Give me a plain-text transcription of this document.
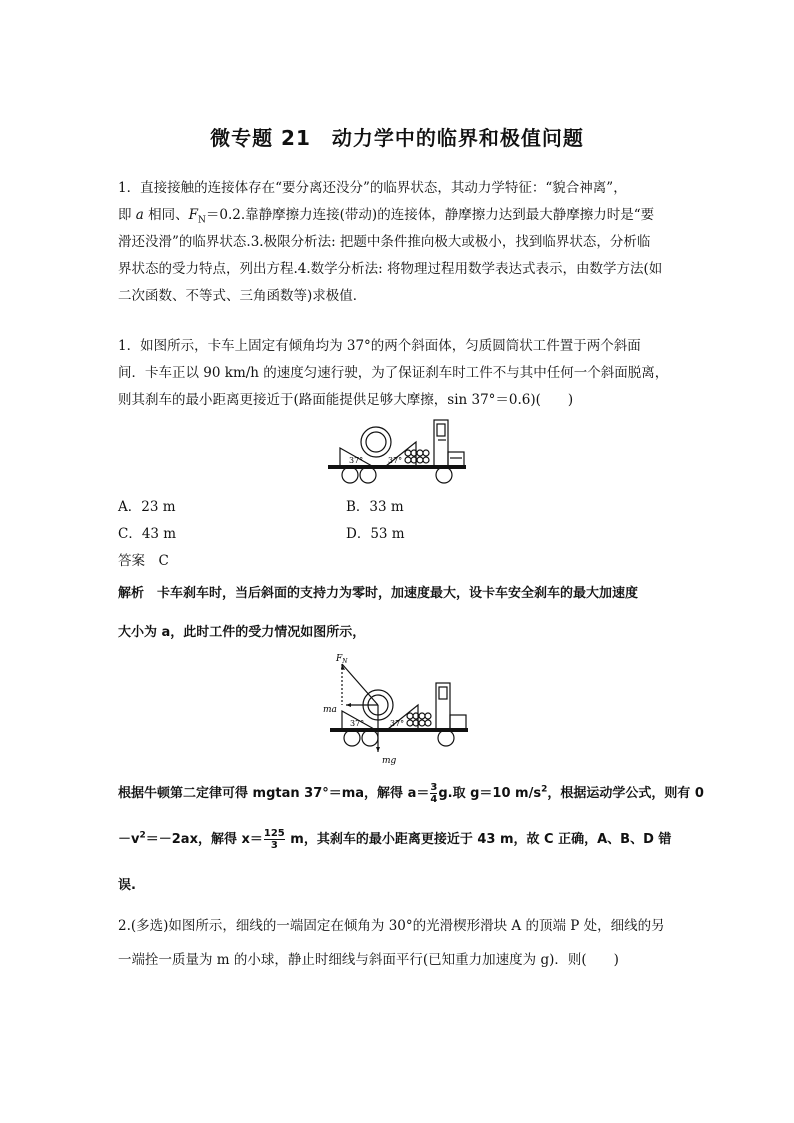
微专题 21　动力学中的临界和极值问题
1．直接接触的连接体存在“要分离还没分”的临界状态，其动力学特征：“貌合神离”，
即 a 相同、$F_N=0.2$.靠静摩擦力连接(带动)的连接体，静摩擦力达到最大静摩擦力时是“要
滑还没滑”的临界状态.3.极限分析法: 把题中条件推向极大或极小，找到临界状态，分析临
界状态的受力特点，列出方程.4.数学分析法: 将物理过程用数学表达式表示，由数学方法(如
二次函数、不等式、三角函数等)求极值．
1．如图所示，卡车上固定有倾角均为 37°的两个斜面体，匀质圆筒状工件置于两个斜面
间．卡车正以 90 km/h 的速度匀速行驶，为了保证刹车时工件不与其中任何一个斜面脱离，
则其刹车的最小距离更接近于(路面能提供足够大摩擦，sin 37°＝0.6)(　　)
37°	37°
A．23 m	B．33 m
C．43 m	D．53 m
答案　C
解析　卡车刹车时，当后斜面的支持力为零时，加速度最大，设卡车安全刹车的最大加速度
大小为 a，此时工件的受力情况如图所示，
$F_N$
ma
mg
37°	37°
根据牛顿第二定律可得 mgtan 37°＝ma，解得 $a= \frac{3}{4} g$.取 g＝10 $m/s^2$，根据运动学公式，则有 0
$-v^2=-2ax$，解得 $x= \frac{125}{3}$ m，其刹车的最小距离更接近于 43 m，故 C 正确，A、B、D 错
误.
2.(多选)如图所示，细线的一端固定在倾角为 30°的光滑楔形滑块 A 的顶端 P 处，细线的另
一端拴一质量为 m 的小球，静止时细线与斜面平行(已知重力加速度为 g)．则(　　)
